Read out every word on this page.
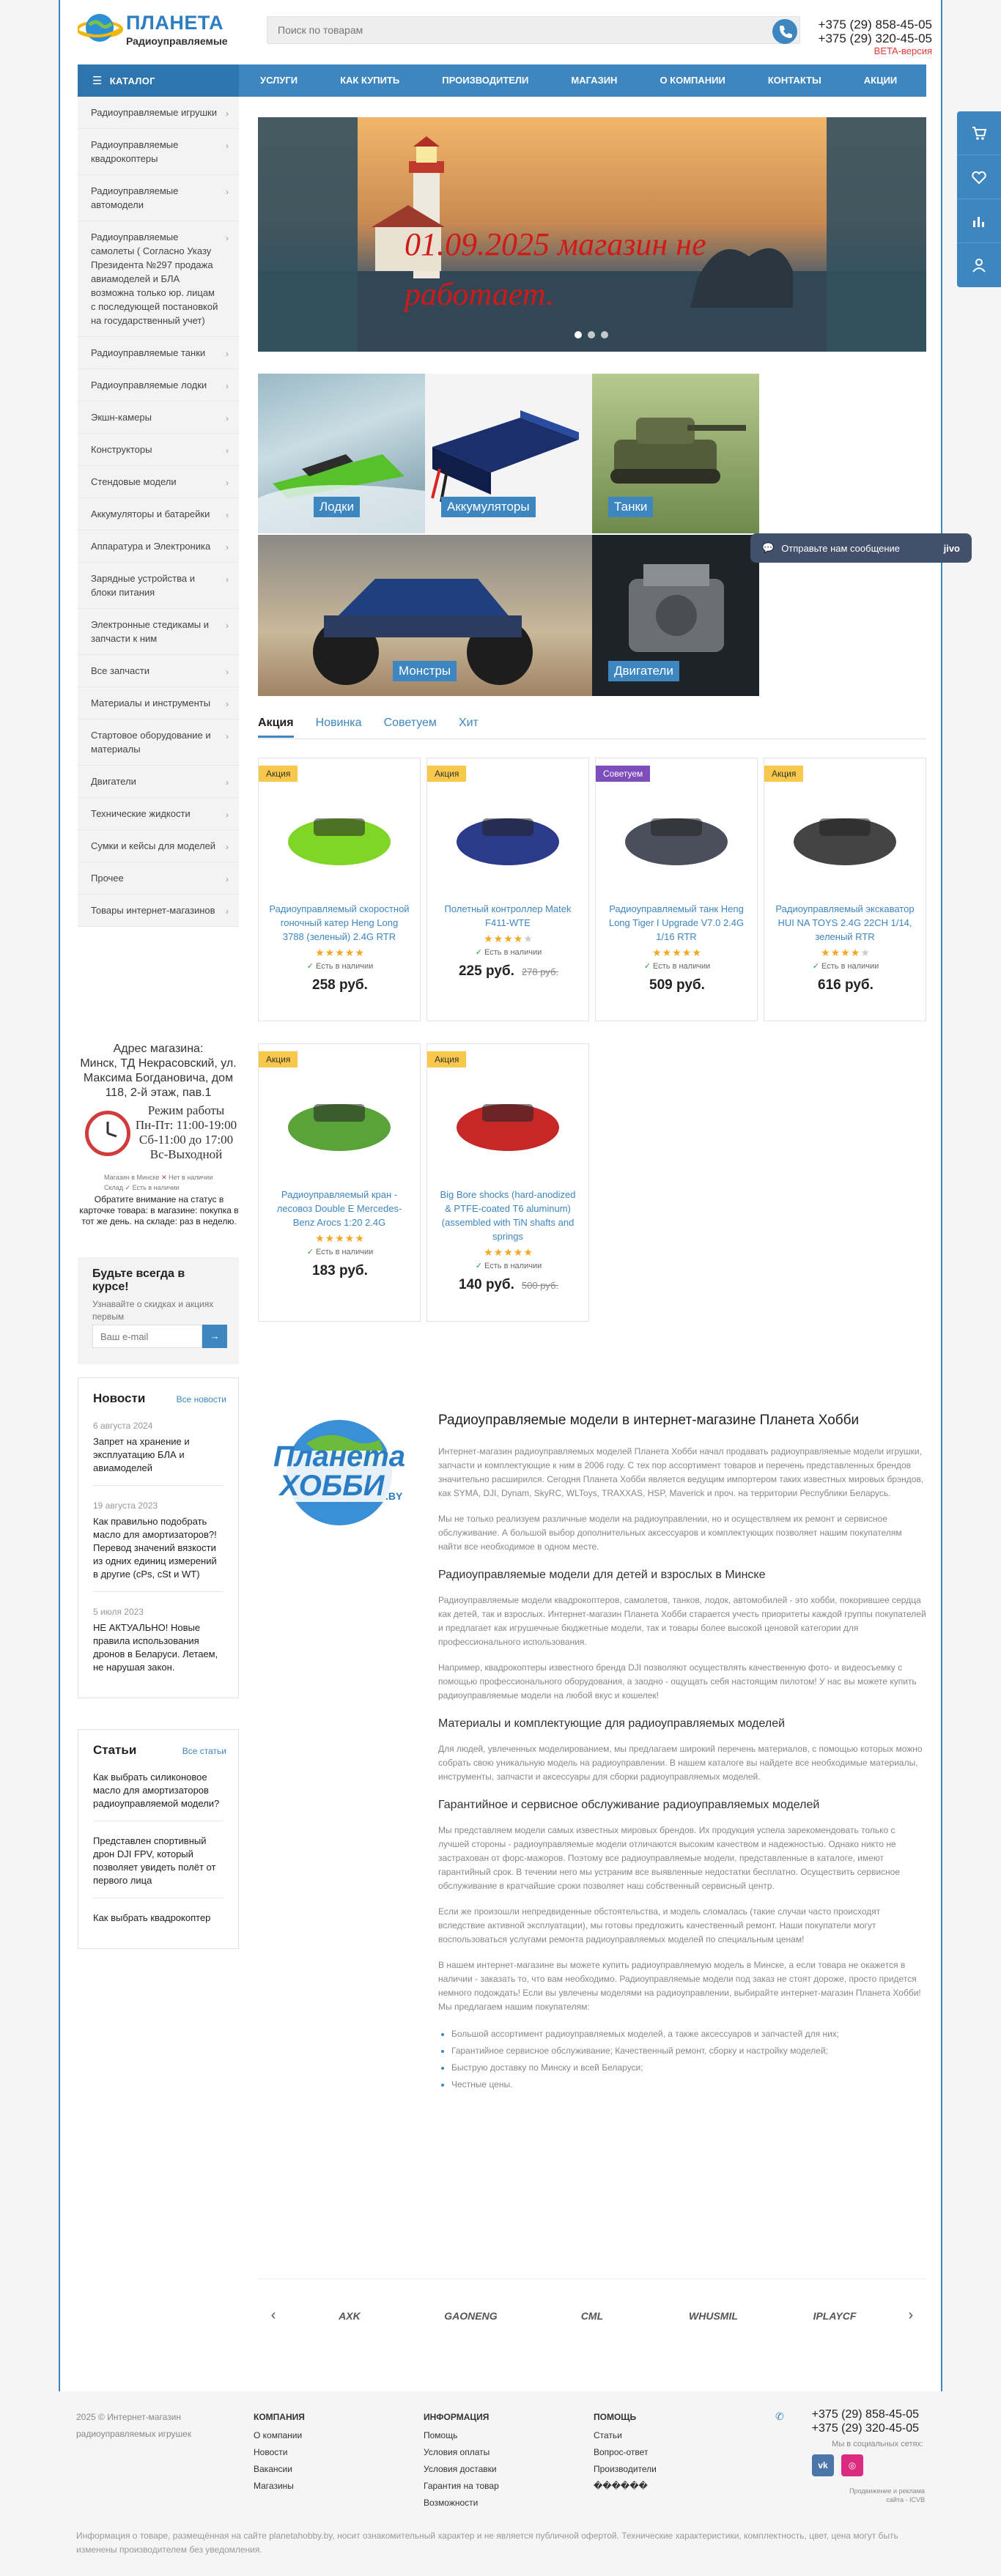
ПЛАНЕТА
Радиоуправляемые
Поиск по товарам
+375 (29) 858-45-05
+375 (29) 320-45-05
BETA-версия
☰ КАТАЛОГ	УСЛУГИ	КАК КУПИТЬ	ПРОИЗВОДИТЕЛИ	МАГАЗИН	О КОМПАНИИ	КОНТАКТЫ	АКЦИИ
Радиоуправляемые игрушки ›
Радиоуправляемые квадрокоптеры
›
Радиоуправляемые автомодели
›
Радиоуправляемые самолеты ( Согласно Указу Президента №297 продажа авиамоделей и БЛА возможна только юр. лицам с последующей постановкой на государственный учет)
›
Радиоуправляемые танки ›
Радиоуправляемые лодки ›
Экшн-камеры	›
Конструкторы	›
Стендовые модели	›
Аккумуляторы и батарейки ›
Аппаратура и Электроника ›
Зарядные устройства и блоки питания
›
Электронные стедикамы и запчасти к ним
›
Все запчасти	›
Материалы и инструменты ›
Стартовое оборудование и материалы
›
Двигатели	›
Технические жидкости	›
Сумки и кейсы для моделей ›
Прочее	›
Товары интернет-магазинов ›
01.09.2025 магазин не работает.
Лодки	Аккумуляторы	Танки
Монстры	Двигатели
Акция Новинка Советуем Хит
Акция
Радиоуправляемый скоростной гоночный катер Heng Long 3788 (зеленый) 2.4G RTR
★★★★★
✓ Есть в наличии
258 руб.
Акция
Полетный контроллер Matek F411-WTE
★★★★★
✓ Есть в наличии
225 руб. 278 руб.
Советуем
Радиоуправляемый танк Heng Long Tiger I Upgrade V7.0 2.4G 1/16 RTR
★★★★★
✓ Есть в наличии
509 руб.
Акция
Радиоуправляемый экскаватор HUI NA TOYS 2.4G 22CH 1/14, зеленый RTR
★★★★★
✓ Есть в наличии
616 руб.
Акция
Радиоуправляемый кран - лесовоз Double E Mercedes-Benz Arocs 1:20 2.4G
★★★★★
✓ Есть в наличии
183 руб.
Акция
Big Bore shocks (hard-anodized & PTFE-coated T6 aluminum) (assembled with TiN shafts and springs
★★★★★
✓ Есть в наличии
140 руб. 500 руб.
Адрес магазина:
Минск, ТД Некрасовский, ул. Максима Богдановича, дом 118, 2-й этаж, пав.1
Режим работы
Пн-Пт: 11:00-19:00
Сб-11:00 до 17:00
Вс-Выходной
Магазин в Минске ✕ Нет в наличии
Склад ✓ Есть в наличии
Обратите внимание на статус в карточке товара: в магазине: покупка в тот же день. на складе: раз в неделю.
Будьте всегда в курсе!

Узнавайте о скидках и акциях первым

Ваш e-mail
→
Новости	Все новости
6 августа 2024
Запрет на хранение и эксплуатацию БЛА и авиамоделей
19 августа 2023
Как правильно подобрать масло для амортизаторов?! Перевод значений вязкости из одних единиц измерений в другие (cPs, cSt и WT)
5 июля 2023
НЕ АКТУАЛЬНО! Новые правила использования дронов в Беларуси. Летаем, не нарушая закон.
Статьи	Все статьи
Как выбрать силиконовое масло для амортизаторов радиоуправляемой модели?
Представлен спортивный дрон DJI FPV, который позволяет увидеть полёт от первого лица
Как выбрать квадрокоптер
Планета
ХОББИ .BY
Радиоуправляемые модели в интернет-магазине Планета Хобби

Интернет-магазин радиоуправляемых моделей Планета Хобби начал продавать радиоуправляемые модели игрушки, запчасти и комплектующие к ним в 2006 году. С тех пор ассортимент товаров и перечень представленных брендов значительно расширился. Сегодня Планета Хобби является ведущим импортером таких известных мировых брэндов, как SYMA, DJI, Dynam, SkyRC, WLToys, TRAXXAS, HSP, Maverick и проч. на территории Республики Беларусь.

Мы не только реализуем различные модели на радиоуправлении, но и осуществляем их ремонт и сервисное обслуживание. А большой выбор дополнительных аксессуаров и комплектующих позволяет нашим покупателям найти все необходимое в одном месте.

Радиоуправляемые модели для детей и взрослых в Минске

Радиоуправляемые модели квадрокоптеров, самолетов, танков, лодок, автомобилей - это хобби, покорившее сердца как детей, так и взрослых. Интернет-магазин Планета Хобби старается учесть приоритеты каждой группы покупателей и предлагает как игрушечные бюджетные модели, так и товары более высокой ценовой категории для профессионального использования.

Например, квадрокоптеры известного бренда DJI позволяют осуществлять качественную фото- и видеосъемку с помощью профессионального оборудования, а заодно - ощущать себя настоящим пилотом! У нас вы можете купить радиоуправляемые модели на любой вкус и кошелек!

Материалы и комплектующие для радиоуправляемых моделей

Для людей, увлеченных моделированием, мы предлагаем широкий перечень материалов, с помощью которых можно собрать свою уникальную модель на радиоуправлении. В нашем каталоге вы найдете все необходимые материалы, инструменты, запчасти и аксессуары для сборки радиоуправляемых моделей.

Гарантийное и сервисное обслуживание радиоуправляемых моделей

Мы представляем модели самых известных мировых брендов. Их продукция успела зарекомендовать только с лучшей стороны - радиоуправляемые модели отличаются высоким качеством и надежностью. Однако никто не застрахован от форс-мажоров. Поэтому все радиоуправляемые модели, представленные в каталоге, имеют гарантийный срок. В течении него мы устраним все выявленные недостатки бесплатно. Осуществить сервисное обслуживание в кратчайшие сроки позволяет наш собственный сервисный центр.

Если же произошли непредвиденные обстоятельства, и модель сломалась (такие случаи часто происходят вследствие активной эксплуатации), мы готовы предложить качественный ремонт. Наши покупатели могут воспользоваться услугами ремонта радиоуправляемых моделей по специальным ценам!

В нашем интернет-магазине вы можете купить радиоуправляемую модель в Минске, а если товара не окажется в наличии - заказать то, что вам необходимо. Радиоуправляемые модели под заказ не стоят дороже, просто придется немного подождать! Если вы увлечены моделями на радиоуправлении, выбирайте интернет-магазин Планета Хобби! Мы предлагаем нашим покупателям:

• Большой ассортимент радиоуправляемых моделей, а также аксессуаров и запчастей для них;
• Гарантийное сервисное обслуживание; Качественный ремонт, сборку и настройку моделей;
• Быструю доставку по Минску и всей Беларуси;
• Честные цены.
‹	AXK	GAONENG	CML	WHUSMIL	IPLAYCF	›
💬 Отправьте нам сообщение	jivo
2025 © Интернет-магазин радиоуправляемых игрушек
КОМПАНИЯ
О компании
Новости
Вакансии
Магазины
ИНФОРМАЦИЯ
Помощь
Условия оплаты
Условия доставки
Гарантия на товар
Возможности
ПОМОЩЬ
Статьи
Вопрос-ответ
Производители
������
✆	+375 (29) 858-45-05
+375 (29) 320-45-05
Мы в социальных сетях:
vk	◎
Продвижение и реклама сайта - ICVB
Информация о товаре, размещённая на сайте planetahobby.by, носит ознакомительный характер и не является публичной офертой. Технические характеристики, комплектность, цвет, цена могут быть изменены производителем без уведомления.
